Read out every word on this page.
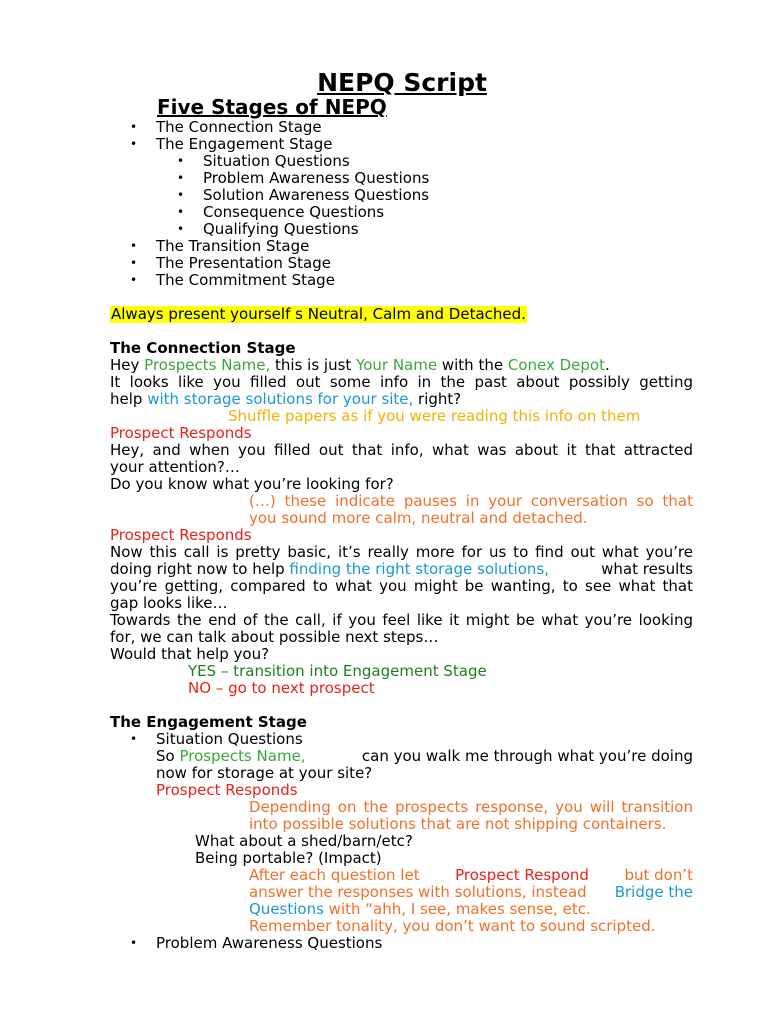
NEPQ Script
Five Stages of NEPQ
• The Connection Stage
• The Engagement Stage
• Situation Questions
• Problem Awareness Questions
• Solution Awareness Questions
• Consequence Questions
• Qualifying Questions
• The Transition Stage
• The Presentation Stage
• The Commitment Stage
Always present yourself s Neutral, Calm and Detached.
The Connection Stage
Hey Prospects Name, this is just Your Name with the Conex Depot.
It looks like you filled out some info in the past about possibly getting
help with storage solutions for your site, right?
Shuffle papers as if you were reading this info on them
Prospect Responds
Hey, and when you filled out that info, what was about it that attracted
your attention?…
Do you know what you’re looking for?
(…) these indicate pauses in your conversation so that
you sound more calm, neutral and detached.
Prospect Responds
Now this call is pretty basic, it’s really more for us to find out what you’re
doing right now to help finding the right storage solutions,	what results
you’re getting, compared to what you might be wanting, to see what that
gap looks like…
Towards the end of the call, if you feel like it might be what you’re looking
for, we can talk about possible next steps…
Would that help you?
YES – transition into Engagement Stage
NO – go to next prospect
The Engagement Stage
• Situation Questions
So Prospects Name,	can you walk me through what you’re doing
now for storage at your site?
Prospect Responds
Depending on the prospects response, you will transition
into possible solutions that are not shipping containers.
What about a shed/barn/etc?
Being portable? (Impact)
After each question let Prospect Respond but don’t
answer the responses with solutions, instead Bridge the
Questions with “ahh, I see, makes sense, etc.
Remember tonality, you don’t want to sound scripted.
• Problem Awareness Questions
